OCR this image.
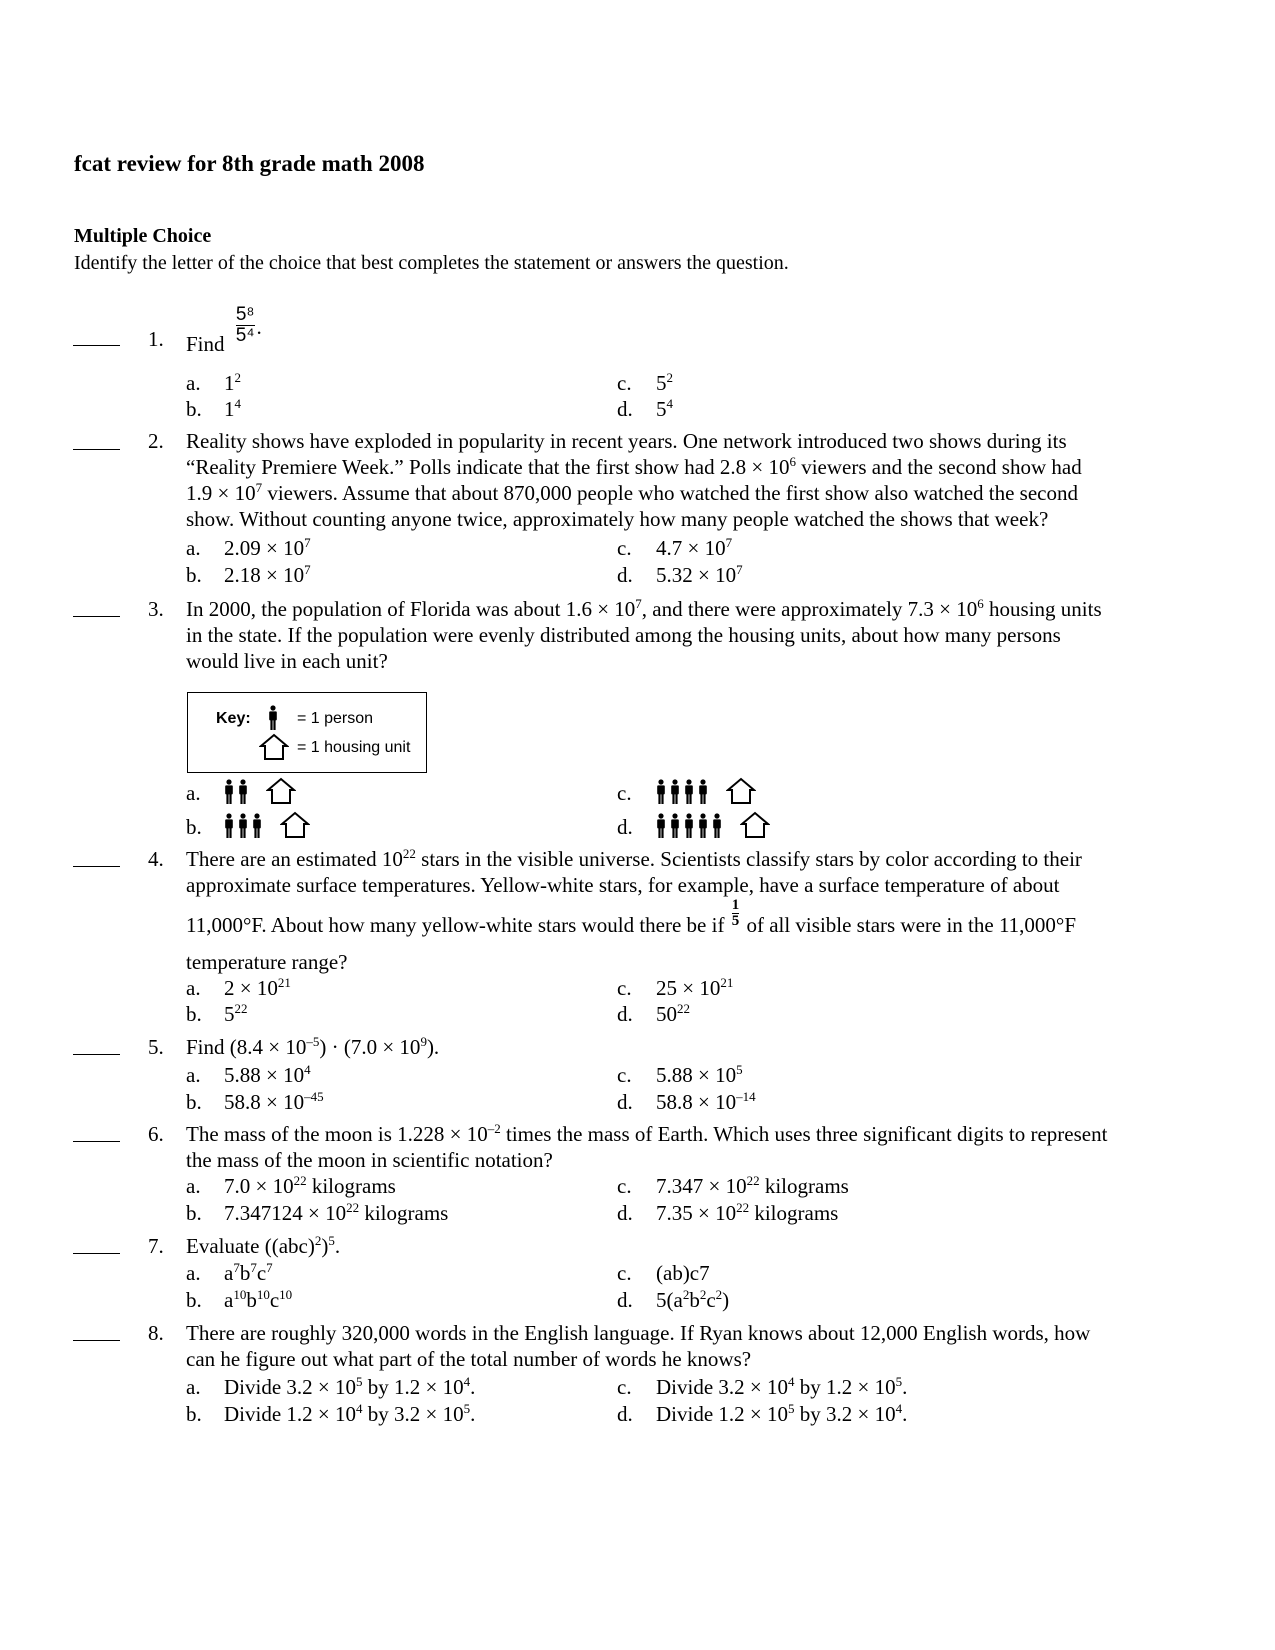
fcat review for 8th grade math 2008
Multiple Choice
Identify the letter of the choice that best completes the statement or answers the question.
1. Find $\frac{\text{5⁸}}{\text{5⁴}}$ .
a. $1^2$
b. $1^4$
c. $5^2$
d. $5^4$
2. Reality shows have exploded in popularity in recent years. One network introduced two shows during its
“Reality Premiere Week.” Polls indicate that the first show had $2.8 \times 10^6$ viewers and the second show had
$1.9 \times 10^7$ viewers. Assume that about 870,000 people who watched the first show also watched the second
show. Without counting anyone twice, approximately how many people watched the shows that week?
a. $2.09 \times 10^7$
b. $2.18 \times 10^7$
c. $4.7 \times 10^7$
d. $5.32 \times 10^7$
3. In 2000, the population of Florida was about $1.6 \times 10^7$, and there were approximately $7.3 \times 10^6$ housing units
in the state. If the population were evenly distributed among the housing units, about how many persons
would live in each unit?
Key:	= 1 person
= 1 housing unit
a.
b.
c.
d.
4. There are an estimated $10^{22}$ stars in the visible universe. Scientists classify stars by color according to their
approximate surface temperatures. Yellow-white stars, for example, have a surface temperature of about
11,000°F. About how many yellow-white stars would there be if $\frac{1}{5}$ of all visible stars were in the 11,000°F
temperature range?
a. $2 \times 10^{21}$
b. $5^{22}$
c. $25 \times 10^{21}$
d. $50^{22}$
5. Find $(8.4 \times 10^{-5}) \cdot (7.0 \times 10^9)$.
a. $5.88 \times 10^4$
b. $58.8 \times 10^{-45}$
c. $5.88 \times 10^5$
d. $58.8 \times 10^{-14}$
6. The mass of the moon is $1.228 \times 10^{-2}$ times the mass of Earth. Which uses three significant digits to represent
the mass of the moon in scientific notation?
a. $7.0 \times 10^{22}$ kilograms
b. $7.347124 \times 10^{22}$ kilograms
c. $7.347 \times 10^{22}$ kilograms
d. $7.35 \times 10^{22}$ kilograms
7. Evaluate $((abc)^2)^5$.
a. $a^7b^7c^7$
b. $a^{10}b^{10}c^{10}$
c. (ab)c7
d. $5(a^2b^2c^2)$
8. There are roughly 320,000 words in the English language. If Ryan knows about 12,000 English words, how
can he figure out what part of the total number of words he knows?
a. Divide $3.2 \times 10^5$ by $1.2 \times 10^4$.
b. Divide $1.2 \times 10^4$ by $3.2 \times 10^5$.
c. Divide $3.2 \times 10^4$ by $1.2 \times 10^5$.
d. Divide $1.2 \times 10^5$ by $3.2 \times 10^4$.
